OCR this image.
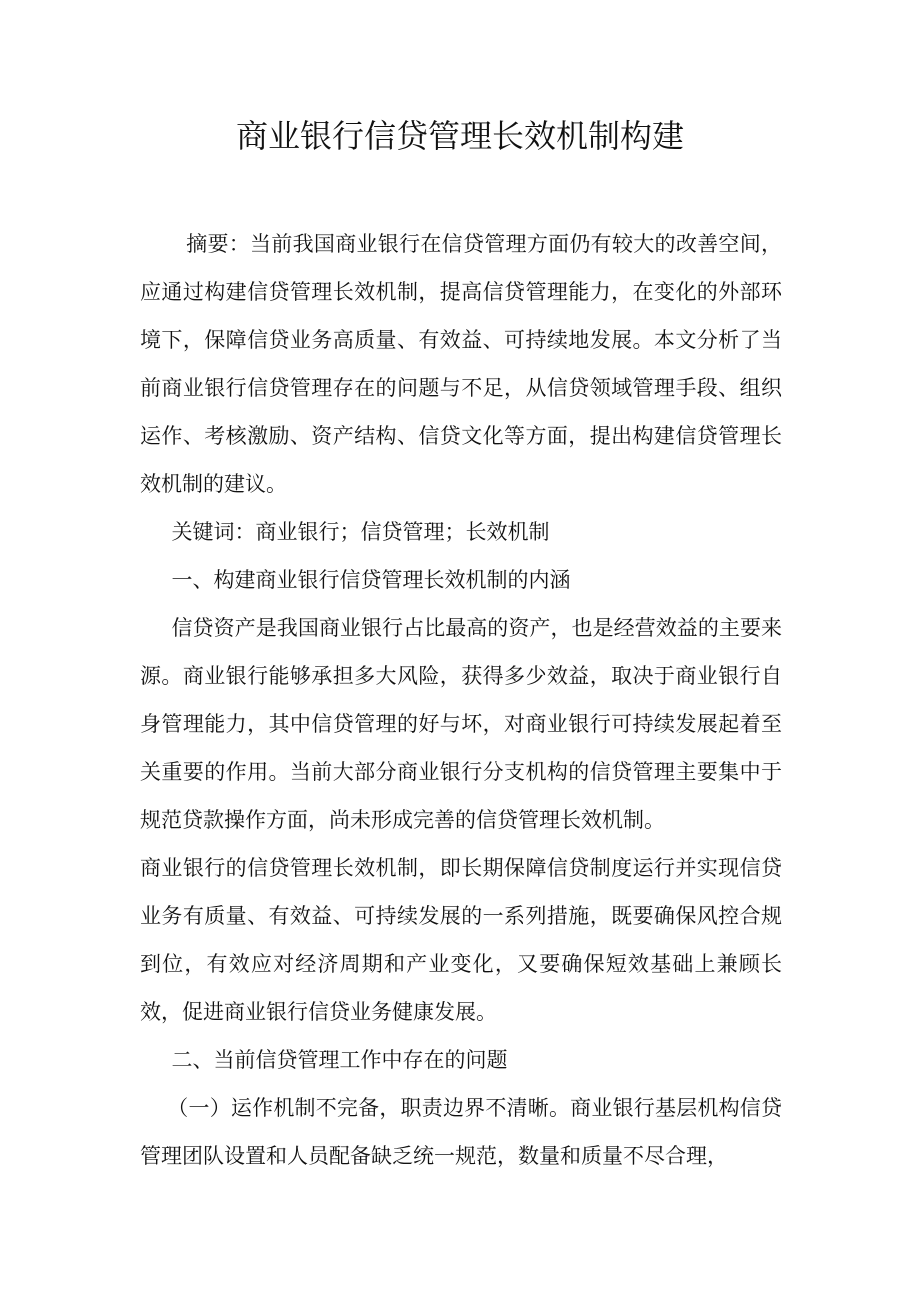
商业银行信贷管理长效机制构建

摘要：当前我国商业银行在信贷管理方面仍有较大的改善空间，应通过构建信贷管理长效机制，提高信贷管理能力，在变化的外部环境下，保障信贷业务高质量、有效益、可持续地发展。本文分析了当前商业银行信贷管理存在的问题与不足，从信贷领域管理手段、组织运作、考核激励、资产结构、信贷文化等方面，提出构建信贷管理长效机制的建议。

关键词：商业银行；信贷管理；长效机制

一、构建商业银行信贷管理长效机制的内涵

信贷资产是我国商业银行占比最高的资产，也是经营效益的主要来源。商业银行能够承担多大风险，获得多少效益，取决于商业银行自身管理能力，其中信贷管理的好与坏，对商业银行可持续发展起着至关重要的作用。当前大部分商业银行分支机构的信贷管理主要集中于规范贷款操作方面，尚未形成完善的信贷管理长效机制。

商业银行的信贷管理长效机制，即长期保障信贷制度运行并实现信贷业务有质量、有效益、可持续发展的一系列措施，既要确保风控合规到位，有效应对经济周期和产业变化，又要确保短效基础上兼顾长效，促进商业银行信贷业务健康发展。

二、当前信贷管理工作中存在的问题

（一）运作机制不完备，职责边界不清晰。商业银行基层机构信贷管理团队设置和人员配备缺乏统一规范，数量和质量不尽合理，
